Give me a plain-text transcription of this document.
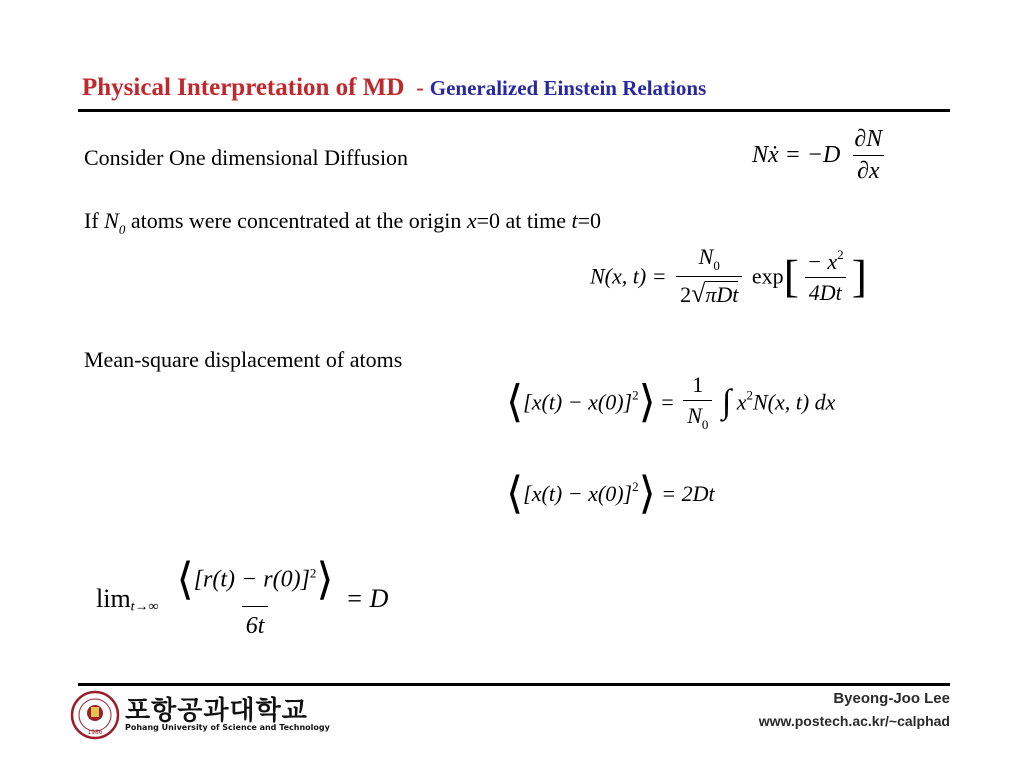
Physical Interpretation of MD - Generalized Einstein Relations
Consider One dimensional Diffusion	Nẋ = $-D \frac{\partial N}{\partial x}$
If $N_0$ atoms were concentrated at the origin x=0 at time t=0
N(x, $t) = \frac{N_0}{\text{2√πDt}} \exp[ \frac{- x^2}{4Dt}$ ]
Mean-square displacement of atoms
⟨[x(t) − x(0)]$^2$⟩ = $\frac{1}{N_0}$ ∫ $x^2N(x$, t) dx
⟨[x(t) − x(0)]$^2$⟩ = 2Dt
$\lim_{t\to\infty} \frac{⟨[r(t) - r(0)]^2⟩}{6t} = D$
1986
포항공과대학교
Pohang University of Science and Technology
Byeong-Joo Lee
www.postech.ac.kr/~calphad
